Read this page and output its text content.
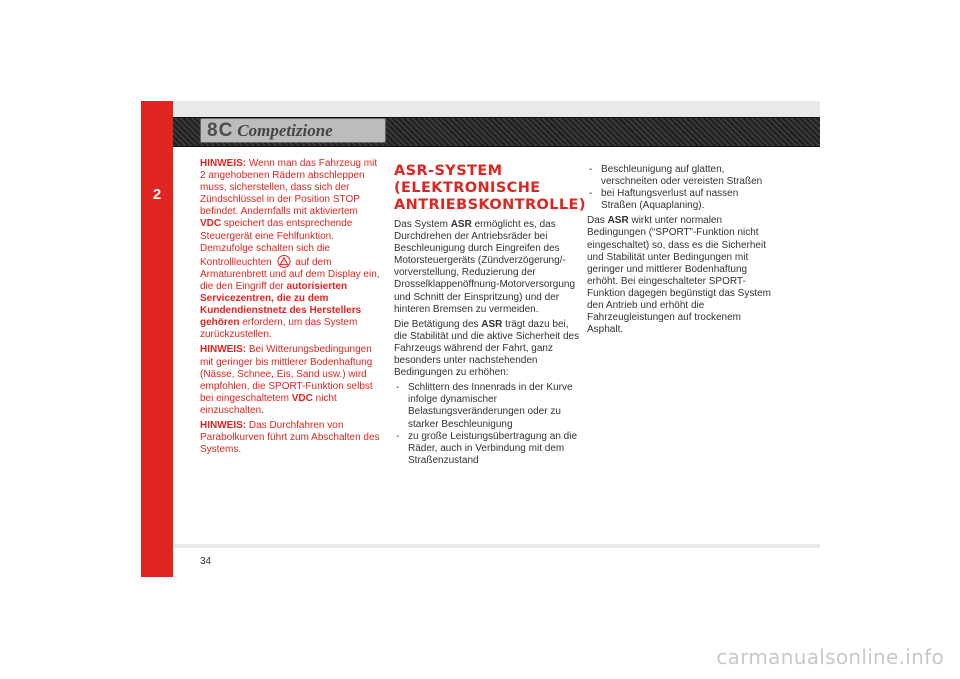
2
8C Competizione

HINWEIS: Wenn man das Fahrzeug mit 2 angehobenen Rädern abschleppen muss, sicherstellen, dass sich der Zündschlüssel in der Position STOP befindet. Andernfalls mit aktiviertem VDC speichert das entsprechende Steuergerät eine Fehlfunktion. Demzufolge schalten sich die Kontrollleuchten ! auf dem Armaturenbrett und auf dem Display ein, die den Eingriff der autorisierten Servicezentren, die zu dem Kundendienstnetz des Herstellers gehören erfordern, um das System zurückzustellen.

HINWEIS: Bei Witterungsbedingungen mit geringer bis mittlerer Bodenhaftung (Nässe, Schnee, Eis, Sand usw.) wird empfohlen, die SPORT-Funktion selbst bei eingeschaltetem VDC nicht einzuschalten.

HINWEIS: Das Durchfahren von Parabolkurven führt zum Abschalten des Systems.

ASR-SYSTEM
(ELEKTRONISCHE
ANTRIEBSKONTROLLE)

Das System ASR ermöglicht es, das Durchdrehen der Antriebsräder bei Beschleunigung durch Eingreifen des Motorsteuergeräts (Zündverzögerung/-vorverstellung, Reduzierung der Drosselklappenöffnung-Motorversorgung und Schnitt der Einspritzung) und der hinteren Bremsen zu vermeiden.

Die Betätigung des ASR trägt dazu bei, die Stabilität und die aktive Sicherheit des Fahrzeugs während der Fahrt, ganz besonders unter nachstehenden Bedingungen zu erhöhen:

- Schlittern des Innenrads in der Kurve infolge dynamischer Belastungsveränderungen oder zu starker Beschleunigung
- zu große Leistungsübertragung an die Räder, auch in Verbindung mit dem Straßenzustand
- Beschleunigung auf glatten, verschneiten oder vereisten Straßen
- bei Haftungsverlust auf nassen Straßen (Aquaplaning).

Das ASR wirkt unter normalen Bedingungen (“SPORT”-Funktion nicht eingeschaltet) so, dass es die Sicherheit und Stabilität unter Bedingungen mit geringer und mittlerer Bodenhaftung erhöht. Bei eingeschalteter SPORT-Funktion dagegen begünstigt das System den Antrieb und erhöht die Fahrzeugleistungen auf trockenem Asphalt.

34
carmanualsonline.info
